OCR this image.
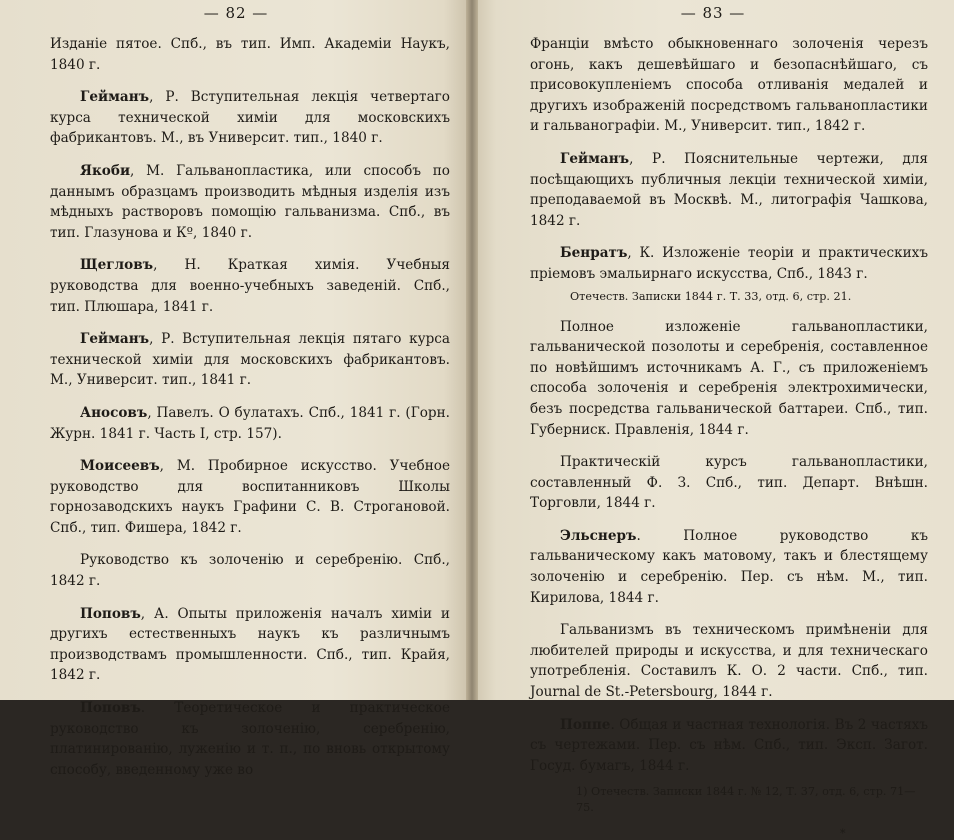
— 82 —

Изданіе пятое. Спб., въ тип. Имп. Академіи Наукъ, 1840 г.

Гейманъ, Р. Вступительная лекція четвертаго курса технической химіи для московскихъ фабрикантовъ. М., въ Университ. тип., 1840 г.

Якоби, М. Гальванопластика, или способъ по даннымъ образцамъ производить мѣдныя изделія изъ мѣдныхъ растворовъ помощію гальванизма. Спб., въ тип. Глазунова и Кº, 1840 г.

Щегловъ, Н. Краткая химія. Учебныя руководства для военно-учебныхъ заведеній. Спб., тип. Плюшара, 1841 г.

Гейманъ, Р. Вступительная лекція пятаго курса технической химіи для московскихъ фабрикантовъ. М., Университ. тип., 1841 г.

Аносовъ, Павелъ. О булатахъ. Спб., 1841 г. (Горн. Журн. 1841 г. Часть I, стр. 157).

Моисеевъ, М. Пробирное искусство. Учебное руководство для воспитанниковъ Школы горнозаводскихъ наукъ Графини С. В. Строгановой. Спб., тип. Фишера, 1842 г.

Руководство къ золоченію и серебренію. Спб., 1842 г.

Поповъ, А. Опыты приложенія началъ химіи и другихъ естественныхъ наукъ къ различнымъ производствамъ промышленности. Спб., тип. Крайя, 1842 г.

Поповъ. Теоретическое и практическое руководство къ золоченію, серебренію, платинированію, луженію и т. п., по вновь открытому способу, введенному уже во

— 83 —

Франціи вмѣсто обыкновеннаго золоченія черезъ огонь, какъ дешевѣйшаго и безопаснѣйшаго, съ присовокупленіемъ способа отливанія медалей и другихъ изображеній посредствомъ гальванопластики и гальванографіи. М., Университ. тип., 1842 г.

Гейманъ, Р. Пояснительные чертежи, для посѣщающихъ публичныя лекціи технической химіи, преподаваемой въ Москвѣ. М., литографія Чашкова, 1842 г.

Бенратъ, К. Изложеніе теоріи и практическихъ пріемовъ эмальирнаго искусства, Спб., 1843 г.

Отечеств. Записки 1844 г. Т. 33, отд. 6, стр. 21.

Полное изложеніе гальванопластики, гальванической позолоты и серебренія, составленное по новѣйшимъ источникамъ А. Г., съ приложеніемъ способа золоченія и серебренія электрохимически, безъ посредства гальванической баттареи. Спб., тип. Губерниск. Правленія, 1844 г.

Практическій курсъ гальванопластики, составленный Ф. З. Спб., тип. Департ. Внѣшн. Торговли, 1844 г.

Эльснеръ. Полное руководство къ гальваническому какъ матовому, такъ и блестящему золоченію и серебренію. Пер. съ нѣм. М., тип. Кирилова, 1844 г.

Гальванизмъ въ техническомъ примѣненіи для любителей природы и искусства, и для техническаго употребленія. Составилъ К. О. 2 части. Спб., тип. Journal de St.-Petersbourg, 1844 г.

Поппе. Общая и частная технологія. Въ 2 частяхъ съ чертежами. Пер. съ нѣм. Спб., тип. Эксп. Загот. Госуд. бумагъ, 1844 г.

1) Отечеств. Записки 1844 г. № 12, Т. 37, отд. 6, стр. 71—75.

*
